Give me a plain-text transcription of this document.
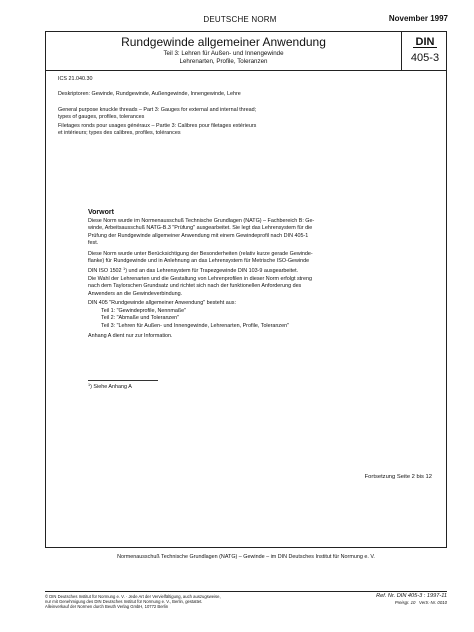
DEUTSCHE NORM	November 1997
Rundgewinde allgemeiner Anwendung
Teil 3: Lehren für Außen- und Innengewinde
Lehrenarten, Profile, Toleranzen
DIN
405-3
ICS 21.040.30
Deskriptoren: Gewinde, Rundgewinde, Außengewinde, Innengewinde, Lehre
General purpose knuckle threads – Part 3: Gauges for external and internal thread;
types of gauges, profiles, tolerances
Filetages ronds pour usages généraux – Partie 3: Calibres pour filetages extérieurs
et intérieurs; types des calibres, profiles, tolérances
Vorwort
Diese Norm wurde im Normenausschuß Technische Grundlagen (NATG) – Fachbereich B: Ge-
winde, Arbeitsausschuß NATG-B.3 "Prüfung" ausgearbeitet. Sie legt das Lehrensystem für die
Prüfung der Rundgewinde allgemeiner Anwendung mit einem Gewindeprofil nach DIN 405-1
fest.
Diese Norm wurde unter Berücksichtigung der Besonderheiten (relativ kurze gerade Gewinde-
flanke) für Rundgewinde und in Anlehnung an das Lehrensystem für Metrische ISO-Gewinde
DIN ISO 1502 $^1$) und an das Lehrensystem für Trapezgewinde DIN 103-9 ausgearbeitet.
Die Wahl der Lehrenarten und die Gestaltung von Lehrenprofilen in dieser Norm erfolgt streng
nach dem Taylorschen Grundsatz und richtet sich nach der funktionellen Anforderung des
Anwenders an die Gewindeverbindung.
DIN 405 "Rundgewinde allgemeiner Anwendung" besteht aus:
Teil 1: "Gewindeprofile, Nennmaße"
Teil 2: "Abmaße und Toleranzen"
Teil 3: "Lehren für Außen- und Innengewinde, Lehrenarten, Profile, Toleranzen"
Anhang A dient nur zur Information.
$^1$) Siehe Anhang A
Fortsetzung Seite 2 bis 12
Normenausschuß Technische Grundlagen (NATG) – Gewinde – im DIN Deutsches Institut für Normung e. V.
© DIN Deutsches Institut für Normung e. V. · Jede Art der Vervielfältigung, auch auszugsweise,
nur mit Genehmigung des DIN Deutsches Institut für Normung e. V., Berlin, gestattet.
Alleinverkauf der Normen durch Beuth Verlag GmbH, 10772 Berlin
Ref. Nr. DIN 405-3 : 1997-11
Preisgr. 10 Vertr.-Nr. 0010
